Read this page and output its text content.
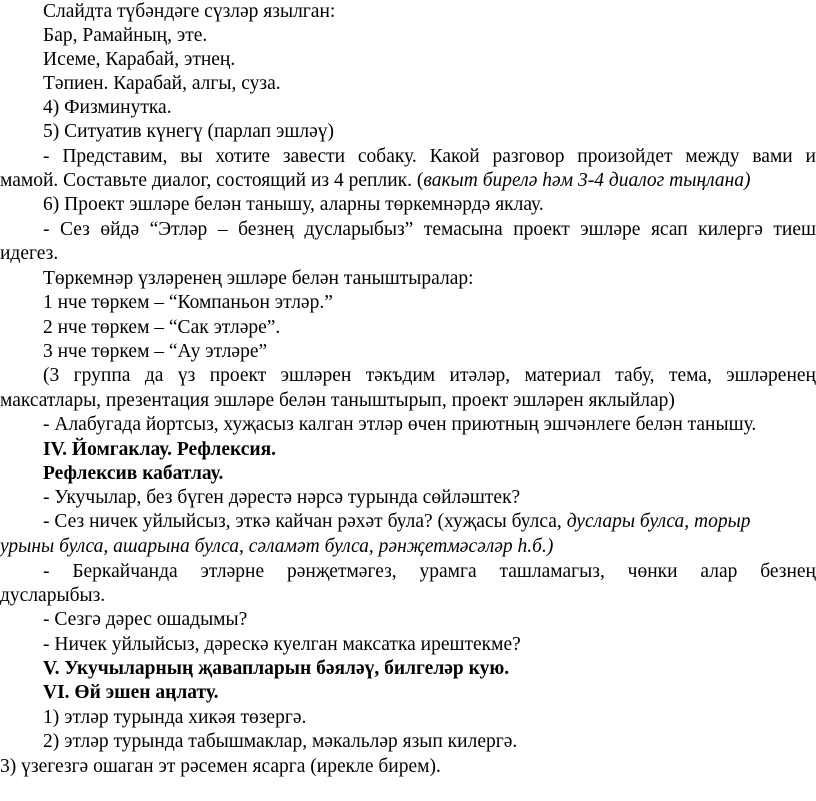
Слайдта түбәндәге сүзләр язылган:
Бар, Рамайның, эте.
Исеме, Карабай, этнең.
Тәпиен. Карабай, алгы, суза.
4) Физминутка.
5) Ситуатив күнегү (парлап эшләү)
- Представим, вы хотите завести собаку. Какой разговор произойдет между вами и
мамой. Составьте диалог, состоящий из 4 реплик. (вакыт бирелә һәм 3-4 диалог тыңлана)
6) Проект эшләре белән танышу, аларны төркемнәрдә яклау.
- Сез өйдә “Этләр – безнең дусларыбыз” темасына проект эшләре ясап килергә тиеш
идегез.
Төркемнәр үзләренең эшләре белән таныштыралар:
1 нче төркем – “Компаньон этләр.”
2 нче төркем – “Сак этләре”.
3 нче төркем – “Ау этләре”
(3 группа да үз проект эшләрен тәкъдим итәләр, материал табу, тема, эшләренең
максатлары, презентация эшләре белән таныштырып, проект эшләрен яклыйлар)
- Алабугада йортсыз, хуҗасыз калган этләр өчен приютның эшчәнлеге белән танышу.
IV. Йомгаклау. Рефлексия.
Рефлексив кабатлау.
- Укучылар, без бүген дәрестә нәрсә турында сөйләштек?
- Сез ничек уйлыйсыз, эткә кайчан рәхәт була? (хуҗасы булса, дуслары булса, торыр
урыны булса, ашарына булса, сәламәт булса, рәнҗетмәсәләр һ.б.)
- Беркайчанда этләрне рәнҗетмәгез, урамга ташламагыз, чөнки алар безнең
дусларыбыз.
- Сезгә дәрес ошадымы?
- Ничек уйлыйсыз, дәрескә куелган максатка ирештекме?
V. Укучыларның җавапларын бәяләү, билгеләр кую.
VI. Өй эшен аңлату.
1) этләр турында хикәя төзергә.
2) этләр турында табышмаклар, мәкальләр язып килергә.
3) үзегезгә ошаган эт рәсемен ясарга (ирекле бирем).
